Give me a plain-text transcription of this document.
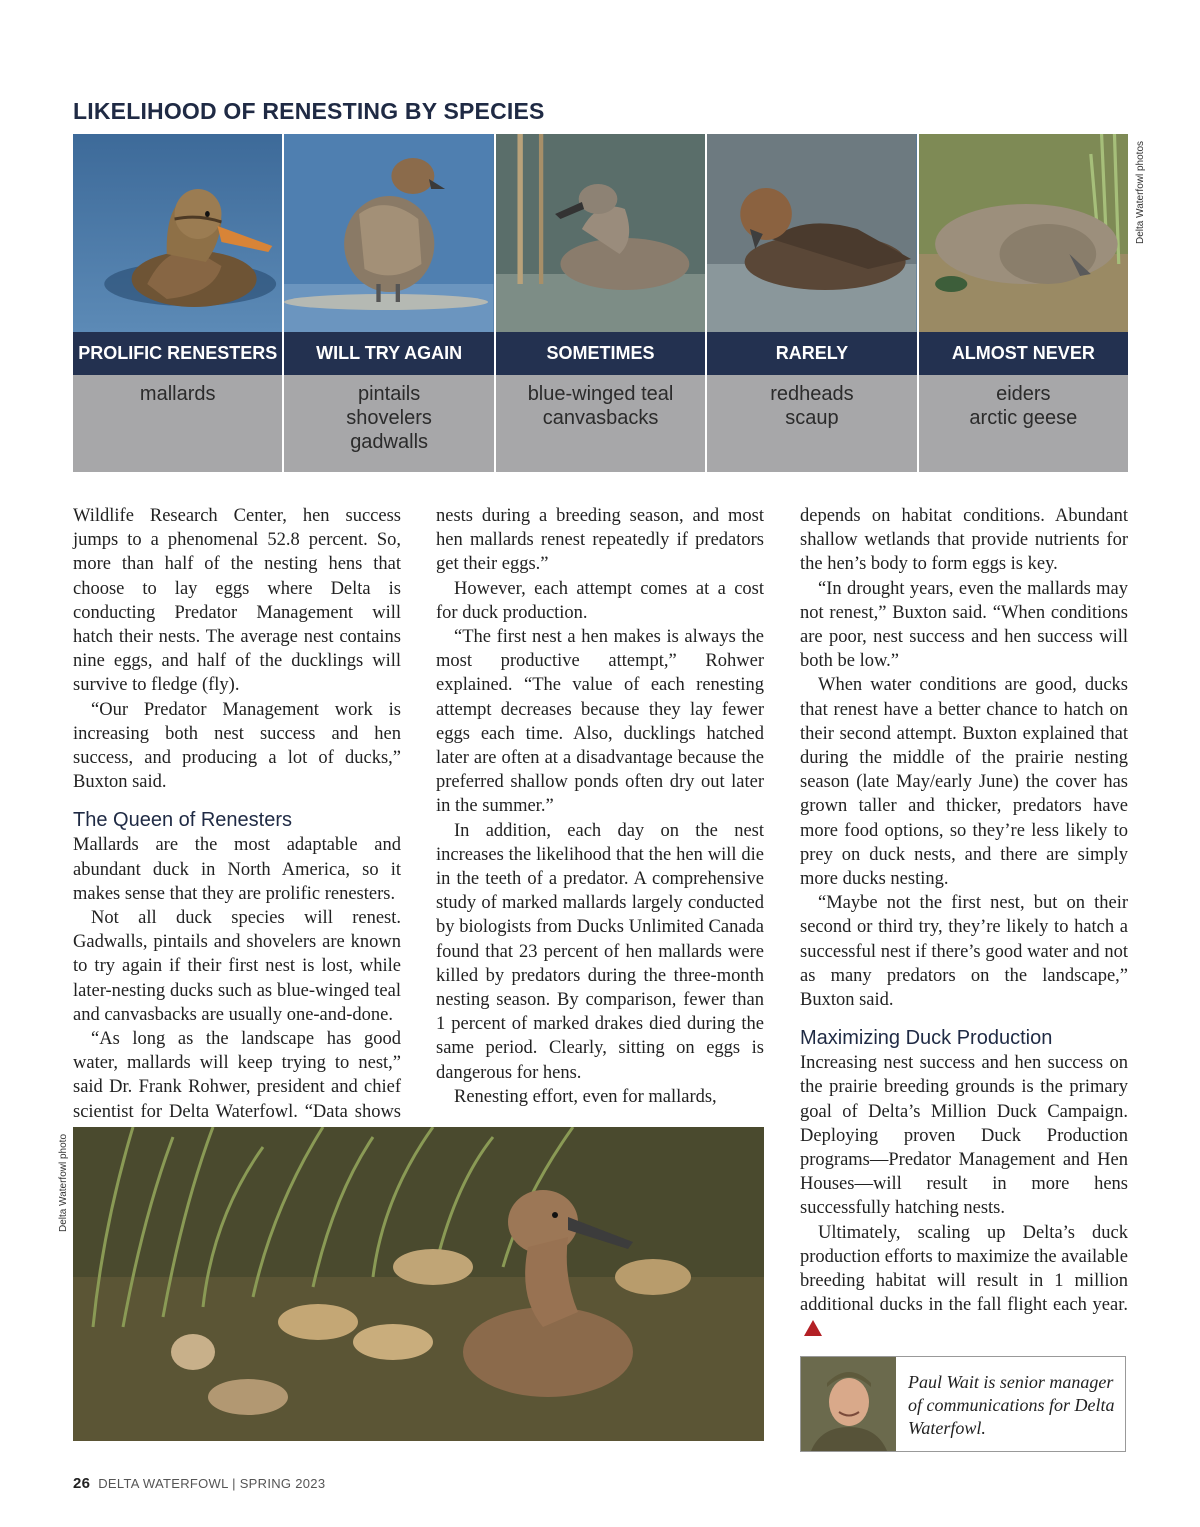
LIKELIHOOD OF RENESTING BY SPECIES
Delta Waterfowl photos
PROLIFIC RENESTERS
mallards
WILL TRY AGAIN
pintails
shovelers
gadwalls
SOMETIMES
blue-winged teal
canvasbacks
RARELY
redheads
scaup
ALMOST NEVER
eiders
arctic geese

Wildlife Research Center, hen success jumps to a phenomenal 52.8 percent. So, more than half of the nesting hens that choose to lay eggs where Delta is conducting Predator Management will hatch their nests. The average nest contains nine eggs, and half of the ducklings will survive to fledge (fly).

“Our Predator Management work is increasing both nest success and hen success, and producing a lot of ducks,” Buxton said.

The Queen of Renesters

Mallards are the most adaptable and abundant duck in North America, so it makes sense that they are prolific renesters.

Not all duck species will renest. Gadwalls, pintails and shovelers are known to try again if their first nest is lost, while later-nesting ducks such as blue-winged teal and canvasbacks are usually one-and-done.

“As long as the landscape has good water, mallards will keep trying to nest,” said Dr. Frank Rohwer, president and chief scientist for Delta Waterfowl. “Data shows

nests during a breeding season, and most hen mallards renest repeatedly if predators get their eggs.”

However, each attempt comes at a cost for duck production.

“The first nest a hen makes is always the most productive attempt,” Rohwer explained. “The value of each renesting attempt decreases because they lay fewer eggs each time. Also, ducklings hatched later are often at a disadvantage because the preferred shallow ponds often dry out later in the summer.”

In addition, each day on the nest increases the likelihood that the hen will die in the teeth of a predator. A comprehensive study of marked mallards largely conducted by biologists from Ducks Unlimited Canada found that 23 percent of hen mallards were killed by predators during the three-month nesting season. By comparison, fewer than 1 percent of marked drakes died during the same period. Clearly, sitting on eggs is dangerous for hens.

Renesting effort, even for mallards,

depends on habitat conditions. Abundant shallow wetlands that provide nutrients for the hen’s body to form eggs is key.

“In drought years, even the mallards may not renest,” Buxton said. “When conditions are poor, nest success and hen success will both be low.”

When water conditions are good, ducks that renest have a better chance to hatch on their second attempt. Buxton explained that during the middle of the prairie nesting season (late May/early June) the cover has grown taller and thicker, predators have more food options, so they’re less likely to prey on duck nests, and there are simply more ducks nesting.

“Maybe not the first nest, but on their second or third try, they’re likely to hatch a successful nest if there’s good water and not as many predators on the landscape,” Buxton said.

Maximizing Duck Production

Increasing nest success and hen success on the prairie breeding grounds is the primary goal of Delta’s Million Duck Campaign. Deploying proven Duck Production programs—Predator Management and Hen Houses—will result in more hens successfully hatching nests.

Ultimately, scaling up Delta’s duck production efforts to maximize the available breeding habitat will result in 1 million additional ducks in the fall flight each year.

Delta Waterfowl photo
Paul Wait is senior manager of communications for Delta Waterfowl.
26 DELTA WATERFOWL | SPRING 2023
